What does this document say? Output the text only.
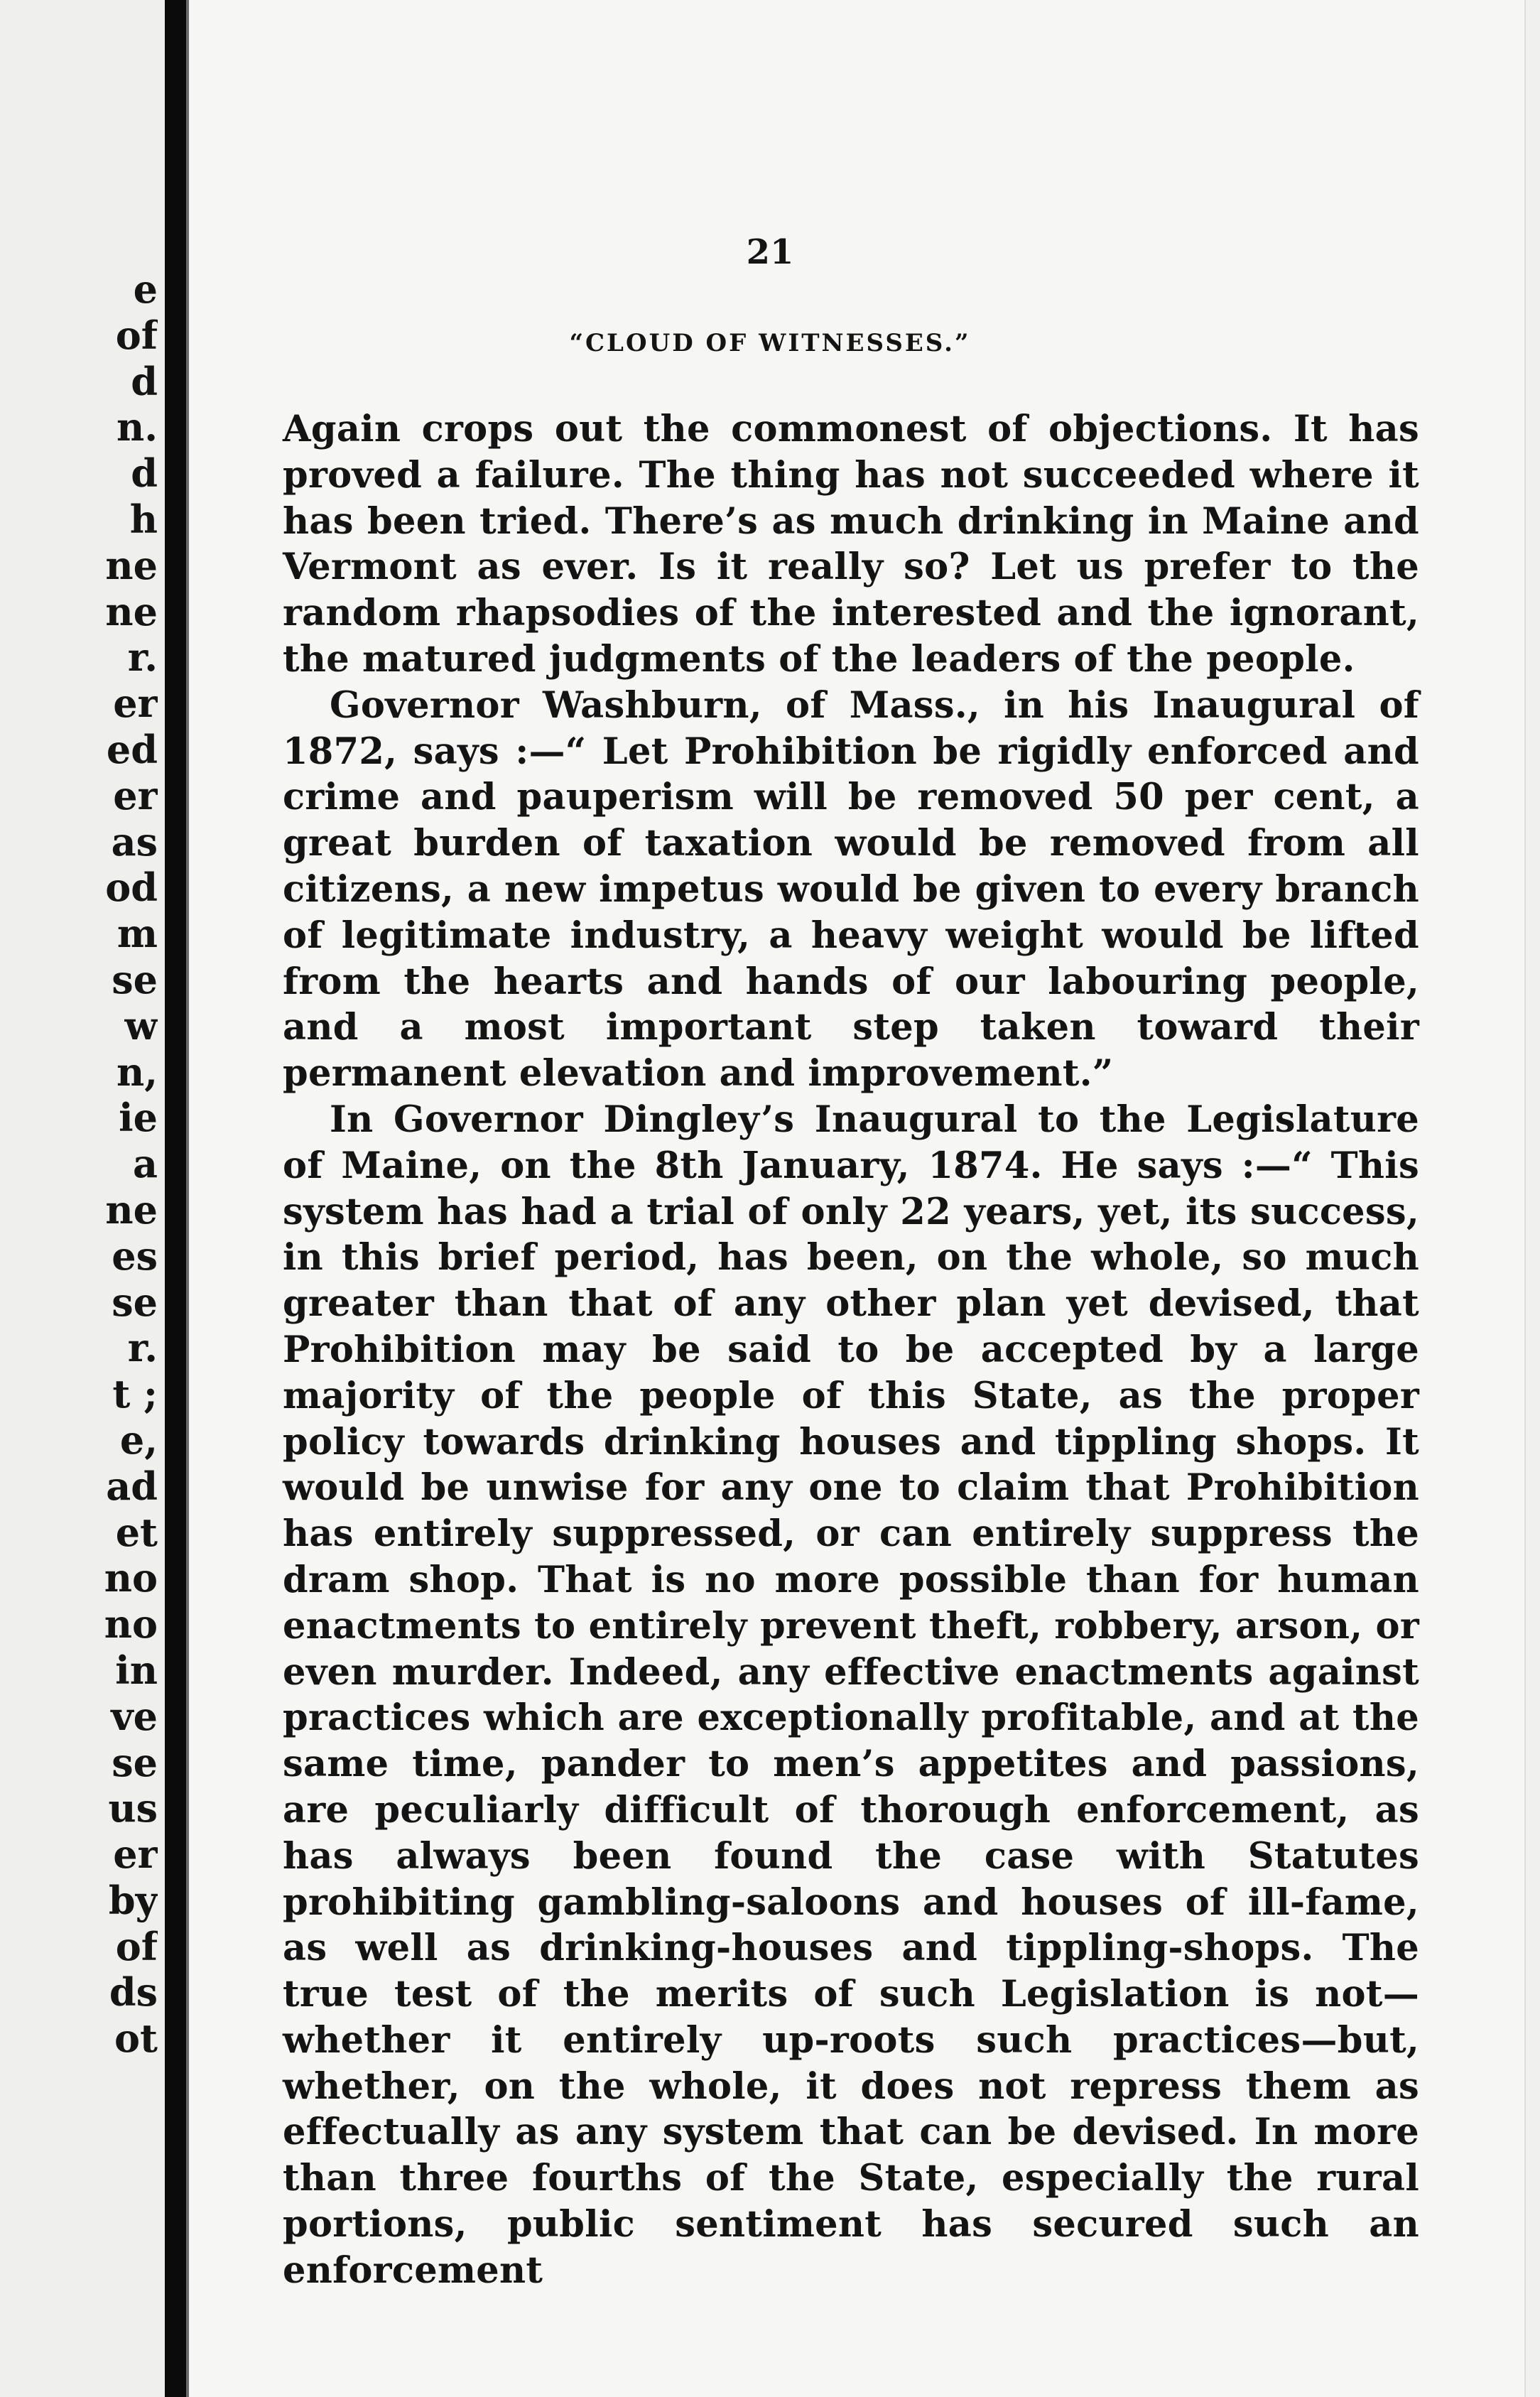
e
of
d
n.
d
h
ne
ne
r.
er
ed
er
as
od
m
se
w
n,
ie
a
ne
es
se
r.
t ;
e,
ad
et
no
no
in
ve
se
us
er
by
of
ds
ot
21
“CLOUD OF WITNESSES.”

Again crops out the commonest of objections. It has proved a failure. The thing has not succeeded where it has been tried. There’s as much drinking in Maine and Vermont as ever. Is it really so? Let us prefer to the random rhapsodies of the interested and the ignorant, the matured judgments of the leaders of the people.

Governor Washburn, of Mass., in his Inaugural of 1872, says :—“ Let Prohibition be rigidly enforced and crime and pauperism will be removed 50 per cent, a great burden of taxation would be removed from all citizens, a new impetus would be given to every branch of legitimate industry, a heavy weight would be lifted from the hearts and hands of our labouring people, and a most important step taken toward their permanent elevation and improvement.”

In Governor Dingley’s Inaugural to the Legislature of Maine, on the 8th January, 1874. He says :—“ This system has had a trial of only 22 years, yet, its success, in this brief period, has been, on the whole, so much greater than that of any other plan yet devised, that Prohibition may be said to be accepted by a large majority of the people of this State, as the proper policy towards drinking houses and tippling shops. It would be unwise for any one to claim that Prohibition has entirely suppressed, or can entirely suppress the dram shop. That is no more possible than for human enactments to entirely prevent theft, robbery, arson, or even murder. Indeed, any effective enactments against practices which are exceptionally profitable, and at the same time, pander to men’s appetites and passions, are peculiarly difficult of thorough enforcement, as has always been found the case with Statutes prohibiting gambling-saloons and houses of ill-fame, as well as drinking-houses and tippling-shops. The true test of the merits of such Legislation is not—whether it entirely up-roots such practices—but, whether, on the whole, it does not repress them as effectually as any system that can be devised. In more than three fourths of the State, especially the rural portions, public sentiment has secured such an enforcement
